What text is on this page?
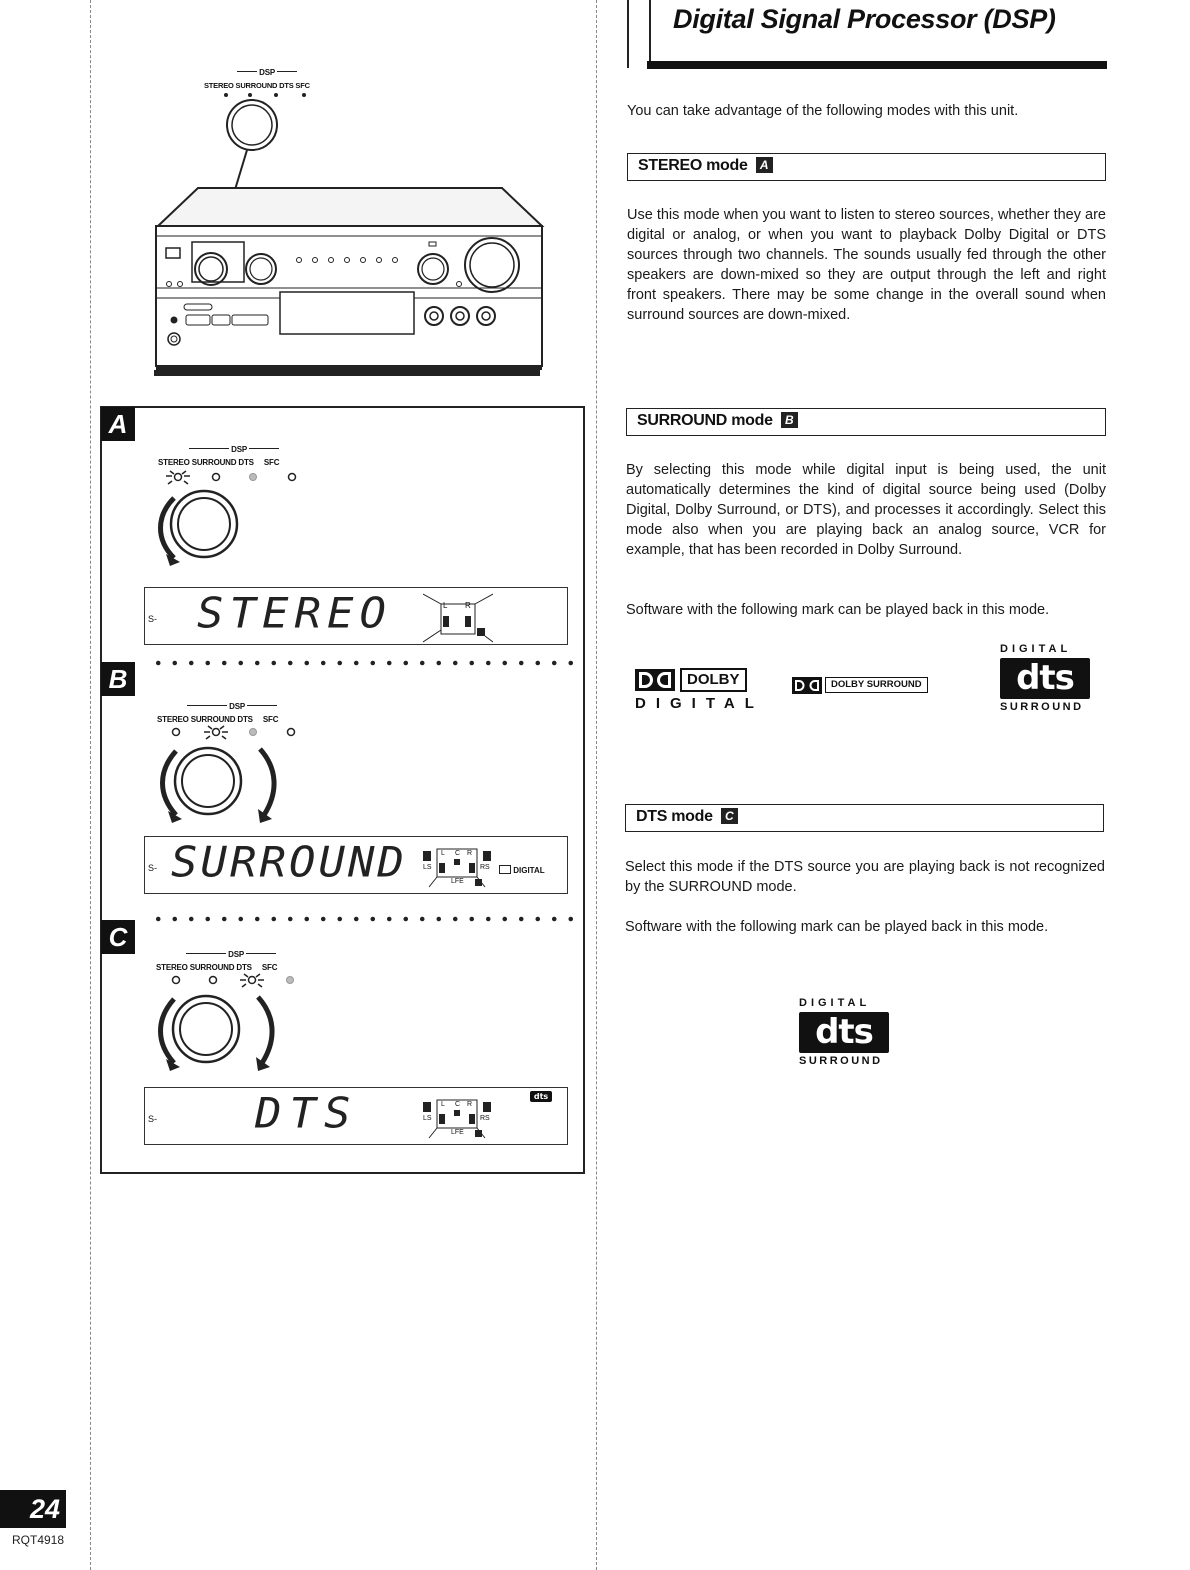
Digital Signal Processor (DSP)
You can take advantage of the following modes with this unit.
DSP
STEREO SURROUND DTS SFC
A
DSP
STEREO SURROUND DTS     SFC
S- STEREO	L R
B
DSP
STEREO SURROUND DTS     SFC
S- SURROUND	L C R
LS	RS
LFE
DIGITAL
C
DSP
STEREO SURROUND DTS     SFC
S- DTS	L C R
LS	RS
LFE
dts
STEREO mode A
Use this mode when you want to listen to stereo sources, whether they are digital or analog, or when you want to playback Dolby Digital or DTS sources through two channels. The sounds usually fed through the other speakers are down-mixed so they are output through the left and right front speakers. There may be some change in the overall sound when surround sources are down-mixed.
SURROUND mode B
By selecting this mode while digital input is being used, the unit automatically determines the kind of digital source being used (Dolby Digital, Dolby Surround, or DTS), and processes it accordingly. Select this mode also when you are playing back an analog source, VCR for example, that has been recorded in Dolby Surround.
Software with the following mark can be played back in this mode.
DOLBY
DIGITAL
DOLBY SURROUND
DIGITAL
dts
SURROUND
DTS mode C
Select this mode if the DTS source you are playing back is not recognized by the SURROUND mode.
Software with the following mark can be played back in this mode.
DIGITAL
dts
SURROUND
24
RQT4918
